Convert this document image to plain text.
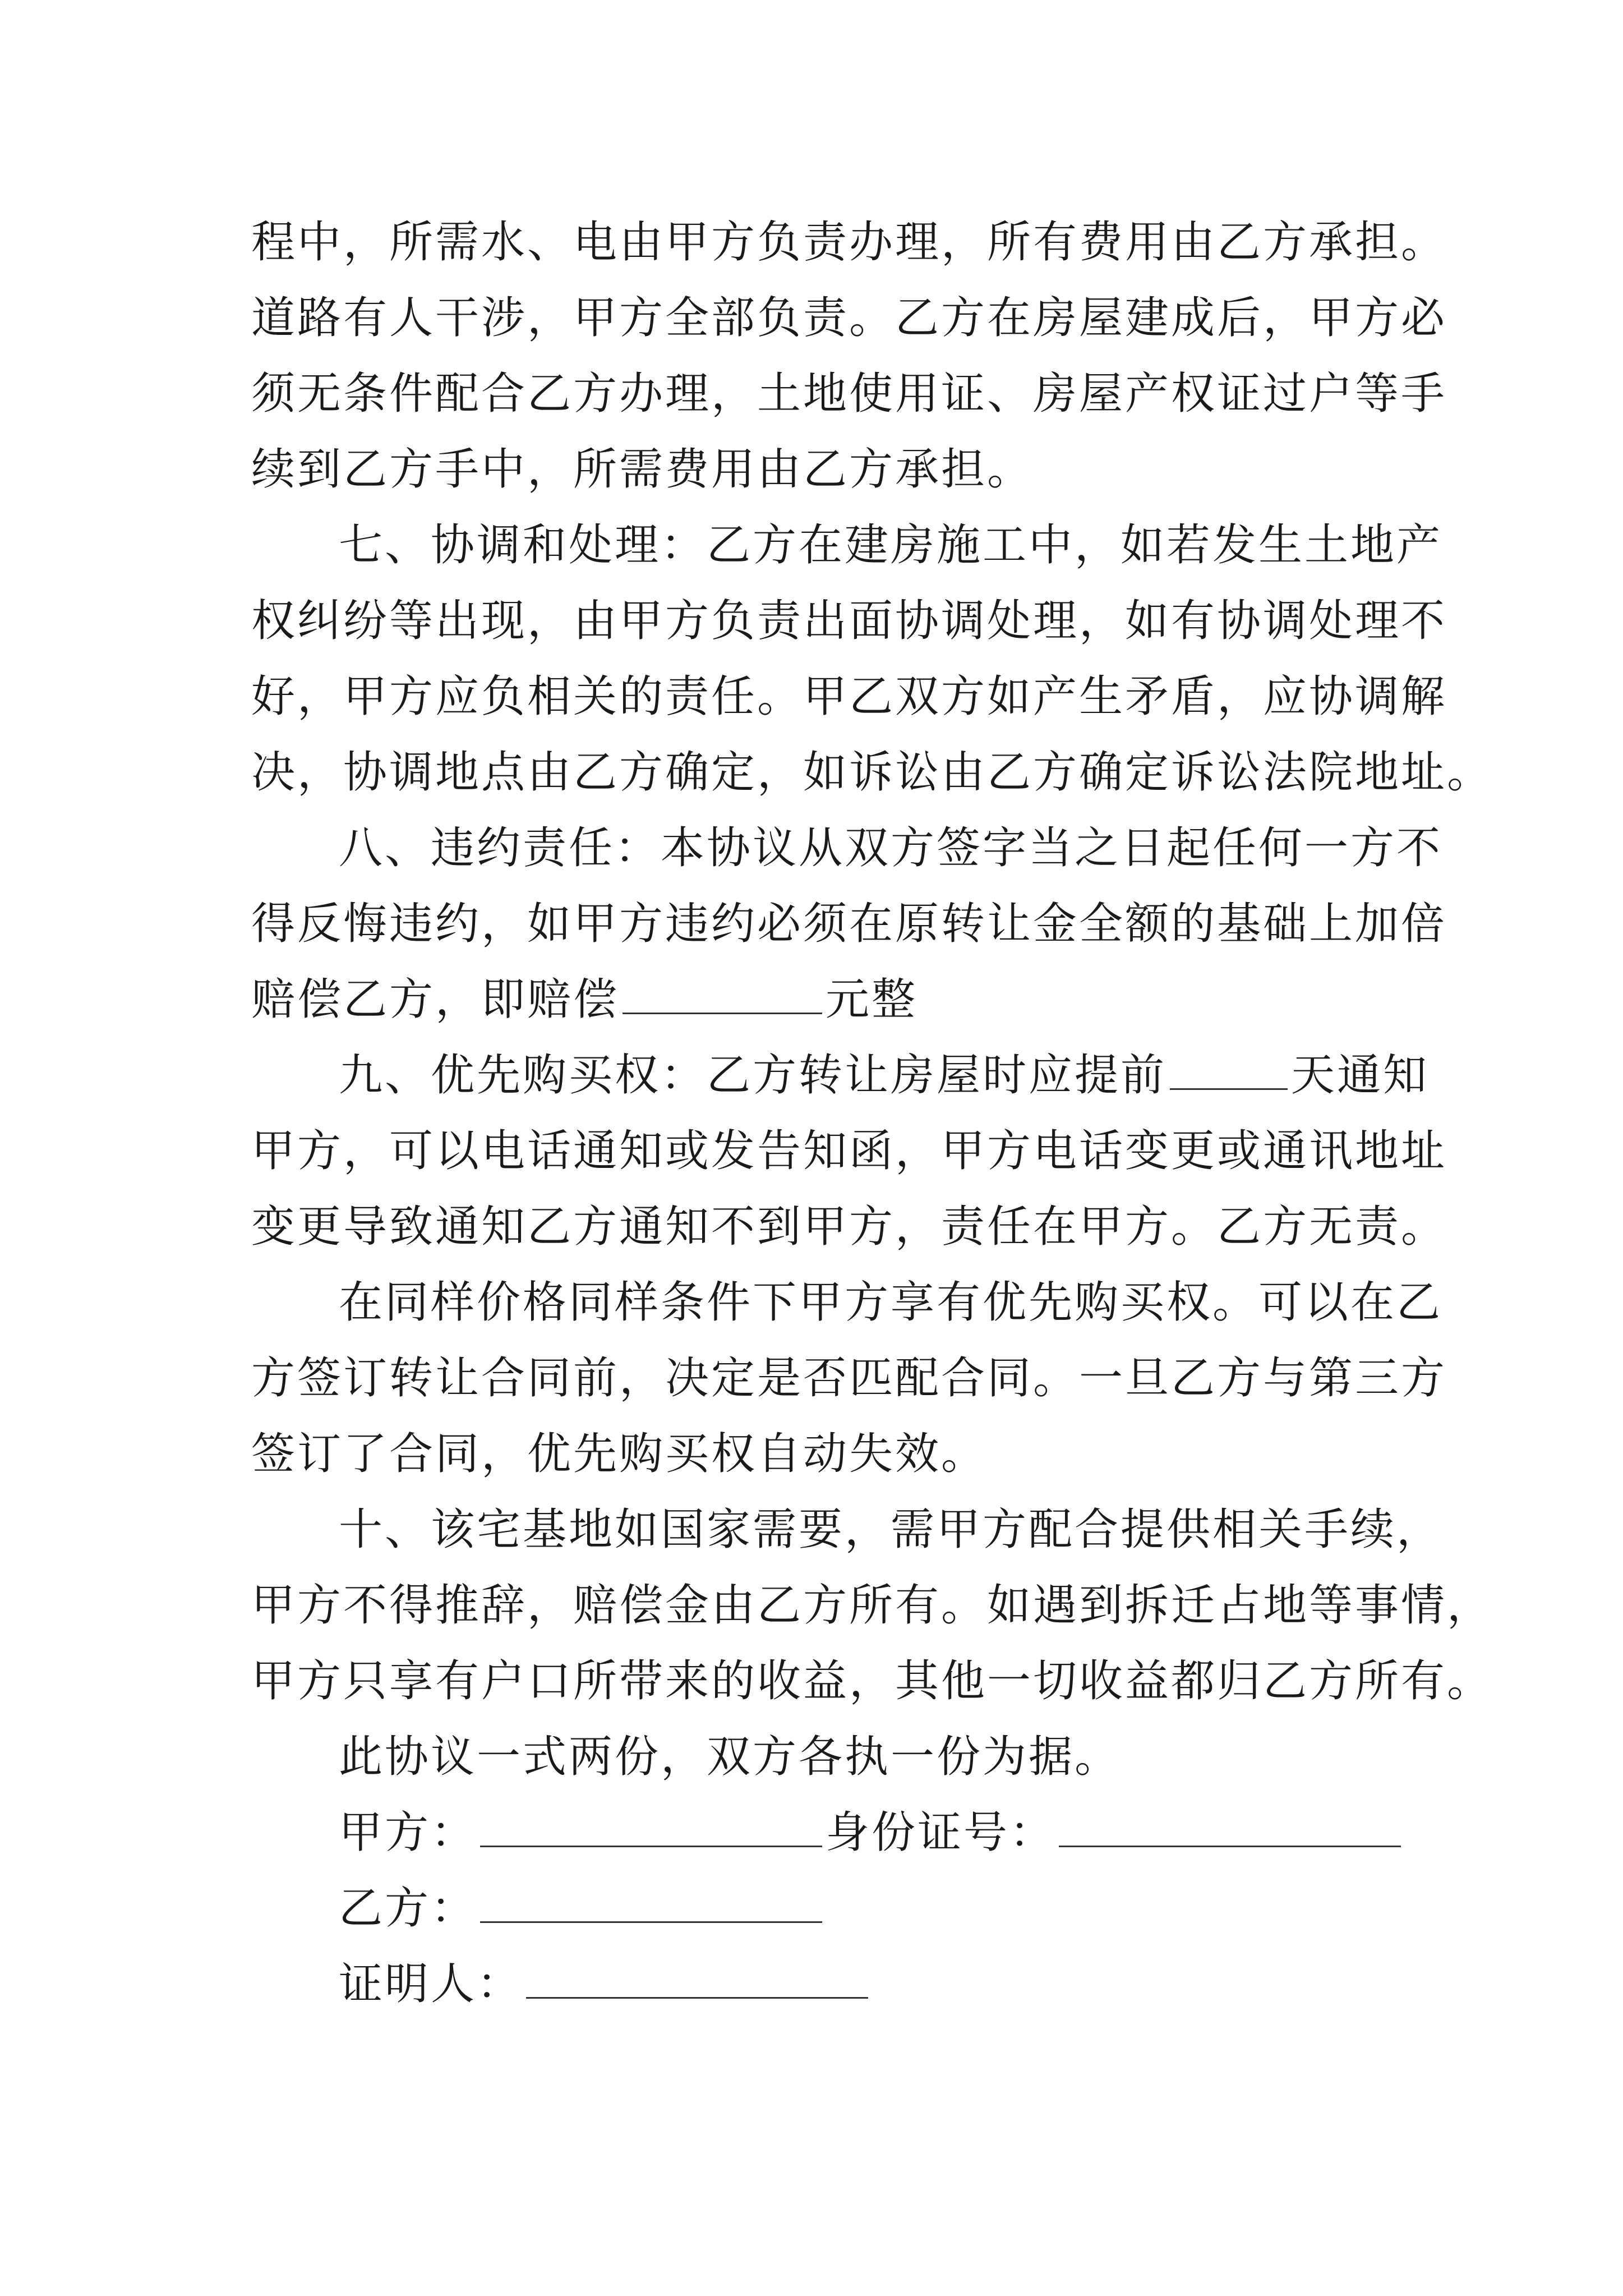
程中，所需水、电由甲方负责办理，所有费用由乙方承担。
道路有人干涉，甲方全部负责。乙方在房屋建成后，甲方必
须无条件配合乙方办理，土地使用证、房屋产权证过户等手
续到乙方手中，所需费用由乙方承担。
七、协调和处理：乙方在建房施工中，如若发生土地产
权纠纷等出现，由甲方负责出面协调处理，如有协调处理不
好，甲方应负相关的责任。甲乙双方如产生矛盾，应协调解
决，协调地点由乙方确定，如诉讼由乙方确定诉讼法院地址。
八、违约责任：本协议从双方签字当之日起任何一方不
得反悔违约，如甲方违约必须在原转让金全额的基础上加倍
赔偿乙方，即赔偿	元整
九、优先购买权：乙方转让房屋时应提前	天通知
甲方，可以电话通知或发告知函，甲方电话变更或通讯地址
变更导致通知乙方通知不到甲方，责任在甲方。乙方无责。
在同样价格同样条件下甲方享有优先购买权。可以在乙
方签订转让合同前，决定是否匹配合同。一旦乙方与第三方
签订了合同，优先购买权自动失效。
十、该宅基地如国家需要，需甲方配合提供相关手续，
甲方不得推辞，赔偿金由乙方所有。如遇到拆迁占地等事情，
甲方只享有户口所带来的收益，其他一切收益都归乙方所有。
此协议一式两份，双方各执一份为据。
甲方：	身份证号：
乙方：
证明人：
